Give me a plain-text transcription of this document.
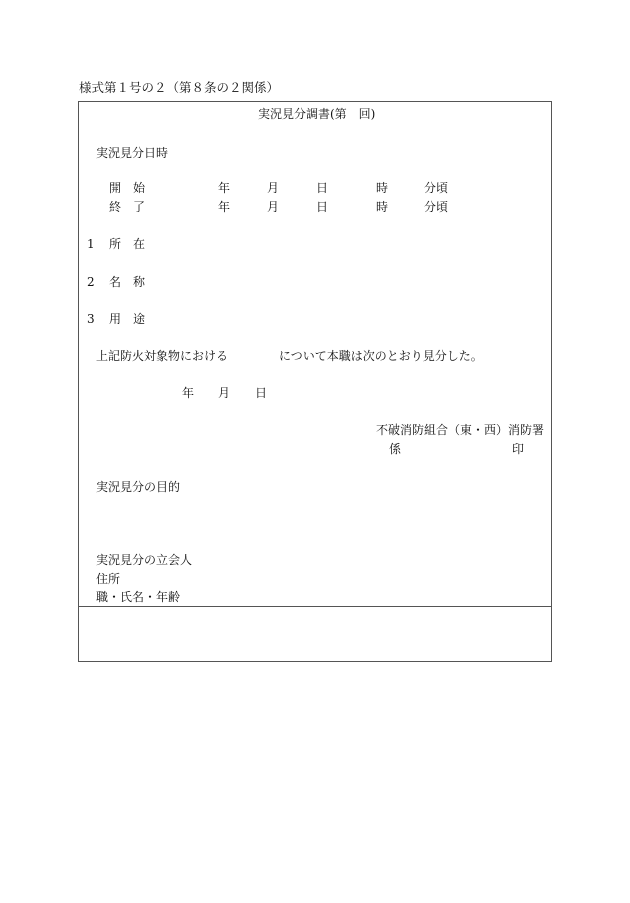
様式第１号の２（第８条の２関係）
実況見分調書(第　回)
実況見分日時
開　始	年	月	日	時	分頃
終　了	年	月	日	時	分頃
1 所　在
2 名　称
3 用　途
上記防火対象物における	について本職は次のとおり見分した。
年 月 日
不破消防組合（東・西）消防署
係	印
実況見分の目的
実況見分の立会人
住所
職・氏名・年齢
